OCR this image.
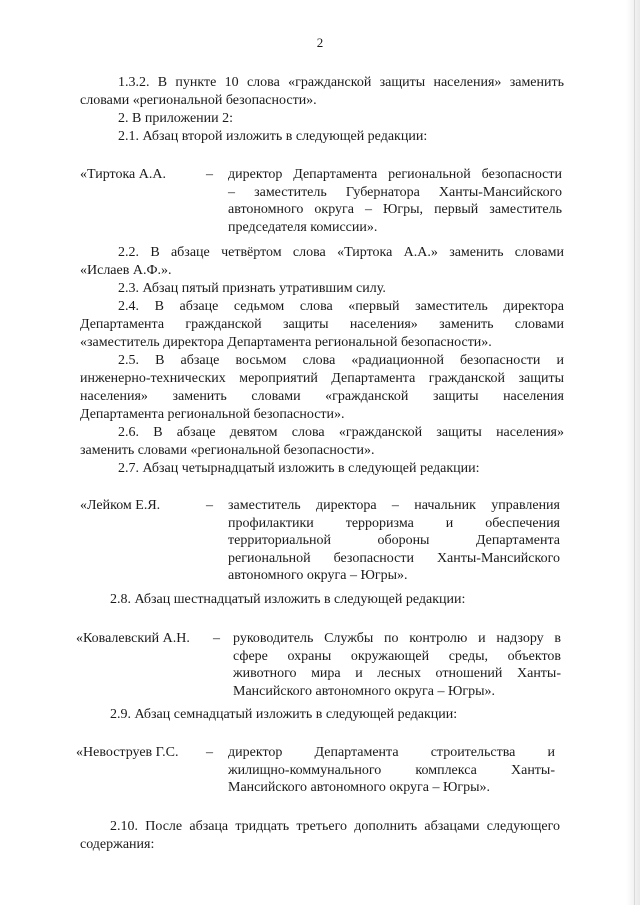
2
1.3.2. В пункте 10 слова «гражданской защиты населения» заменить
словами «региональной безопасности».
2. В приложении 2:
2.1. Абзац второй изложить в следующей редакции:
«Тиртока А.А.	– директор Департамента региональной безопасности
– заместитель Губернатора Ханты-Мансийского
автономного округа – Югры, первый заместитель
председателя комиссии».
2.2. В абзаце четвёртом слова «Тиртока А.А.» заменить словами
«Ислаев А.Ф.».
2.3. Абзац пятый признать утратившим силу.
2.4. В абзаце седьмом слова «первый заместитель директора
Департамента гражданской защиты населения» заменить словами
«заместитель директора Департамента региональной безопасности».
2.5. В абзаце восьмом слова «радиационной безопасности и
инженерно-технических мероприятий Департамента гражданской защиты
населения» заменить словами «гражданской защиты населения
Департамента региональной безопасности».
2.6. В абзаце девятом слова «гражданской защиты населения»
заменить словами «региональной безопасности».
2.7. Абзац четырнадцатый изложить в следующей редакции:
«Лейком Е.Я.	– заместитель директора – начальник управления
профилактики терроризма и обеспечения
территориальной обороны Департамента
региональной безопасности Ханты-Мансийского
автономного округа – Югры».
2.8. Абзац шестнадцатый изложить в следующей редакции:
«Ковалевский А.Н. – руководитель Службы по контролю и надзору в
сфере охраны окружающей среды, объектов
животного мира и лесных отношений Ханты-
Мансийского автономного округа – Югры».
2.9. Абзац семнадцатый изложить в следующей редакции:
«Невоструев Г.С. – директор Департамента строительства и
жилищно-коммунального комплекса Ханты-
Мансийского автономного округа – Югры».
2.10. После абзаца тридцать третьего дополнить абзацами следующего
содержания:
